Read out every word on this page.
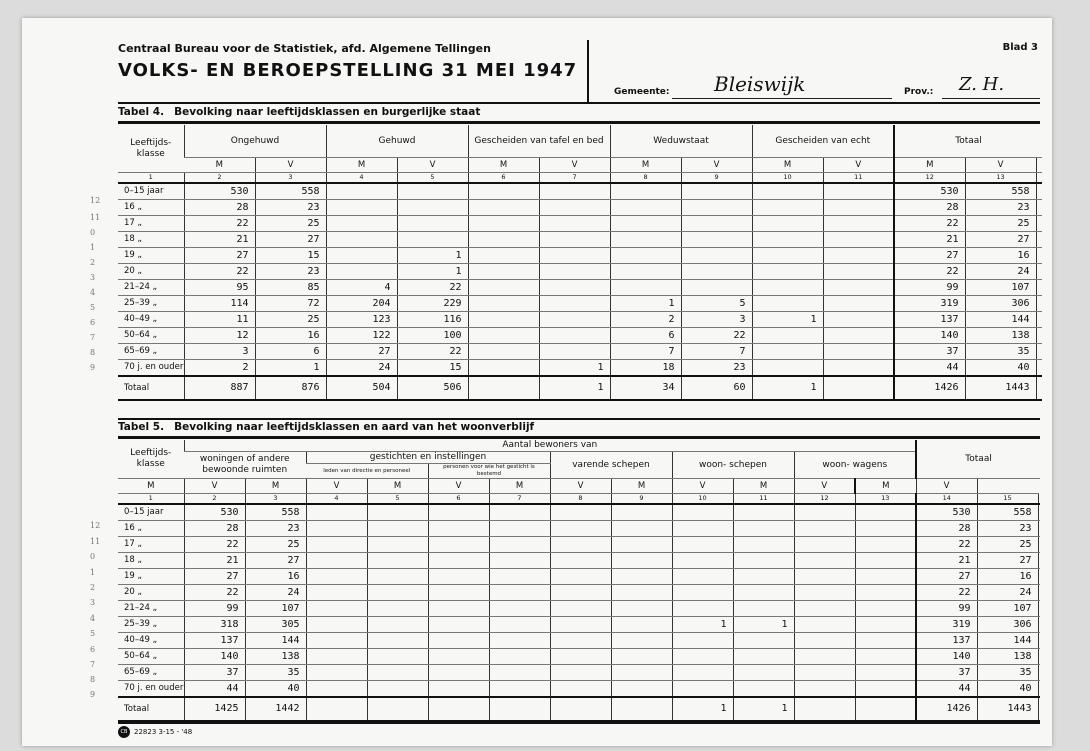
Centraal Bureau voor de Statistiek, afd. Algemene Tellingen
VOLKS- EN BEROEPSTELLING 31 MEI 1947
Blad 3
Gemeente: Bleiswijk	Prov.: Z. H.
Tabel 4. Bevolking naar leeftijdsklassen en burgerlijke staat
Leeftijds- klasse	Ongehuwd		Gehuwd		Gescheiden van tafel en bed		Weduwstaat		Gescheiden van echt		Totaal		
	M	V	M	V	M	V	M	V	M	V	M	V	
1	2	3	4	5	6	7	8	9	10	11	12	13	
0–15 jaar	530	558									530	558	
16 „	28	23									28	23	
17 „	22	25									22	25	
18 „	21	27									21	27	
19 „	27	15		1							27	16	
20 „	22	23		1							22	24	
21–24 „	95	85	4	22							99	107	
25–39 „	114	72	204	229			1	5			319	306	
40–49 „	11	25	123	116			2	3	1		137	144	
50–64 „	12	16	122	100			6	22			140	138	
65–69 „	3	6	27	22			7	7			37	35	
70 j. en ouder	2	1	24	15		1	18	23			44	40	
Totaal	887	876	504	506		1	34	60	1		1426	1443	
Tabel 5. Bevolking naar leeftijdsklassen en aard van het woonverblijf
Leeftijds- klasse	Aantal bewoners van												Totaal		
	woningen of andere bewoonde ruimten		gestichten en instellingen				varende schepen		woon- schepen		woon- wagens				
			leden van directie en personeel		personen voor wie het gesticht is bestemd										
M	V	M	V	M	V	M	V	M	V	M	V	M	V		
1	2	3	4	5	6	7	8	9	10	11	12	13	14	15	
0–15 jaar	530	558											530	558	
16 „	28	23											28	23	
17 „	22	25											22	25	
18 „	21	27											21	27	
19 „	27	16											27	16	
20 „	22	24											22	24	
21–24 „	99	107											99	107	
25–39 „	318	305							1	1			319	306	
40–49 „	137	144											137	144	
50–64 „	140	138											140	138	
65–69 „	37	35											37	35	
70 j. en ouder	44	40											44	40	
Totaal	1425	1442							1	1			1426	1443	
CB 22823 3-15 - '48
12
11
0
1
2
3
4
5
6
7
8
9
12
11
0
1
2
3
4
5
6
7
8
9
